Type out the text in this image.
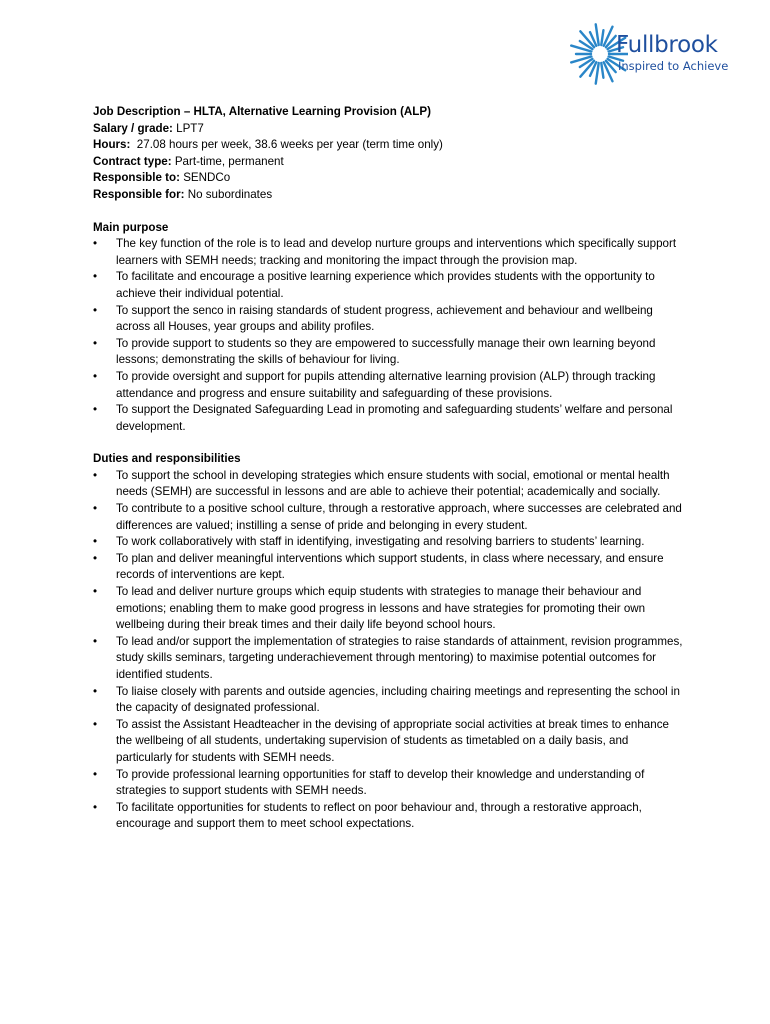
Fullbrook
Inspired to Achieve
Job Description – HLTA, Alternative Learning Provision (ALP)
Salary / grade: LPT7
Hours:  27.08 hours per week, 38.6 weeks per year (term time only)
Contract type: Part-time, permanent
Responsible to: SENDCo
Responsible for: No subordinates
Main purpose
• The key function of the role is to lead and develop nurture groups and interventions which specifically support learners with SEMH needs; tracking and monitoring the impact through the provision map.
• To facilitate and encourage a positive learning experience which provides students with the opportunity to achieve their individual potential.
• To support the senco in raising standards of student progress, achievement and behaviour and wellbeing across all Houses, year groups and ability profiles.
• To provide support to students so they are empowered to successfully manage their own learning beyond lessons; demonstrating the skills of behaviour for living.
• To provide oversight and support for pupils attending alternative learning provision (ALP) through tracking attendance and progress and ensure suitability and safeguarding of these provisions.
• To support the Designated Safeguarding Lead in promoting and safeguarding students’ welfare and personal development.
Duties and responsibilities
• To support the school in developing strategies which ensure students with social, emotional or mental health needs (SEMH) are successful in lessons and are able to achieve their potential; academically and socially.
• To contribute to a positive school culture, through a restorative approach, where successes are celebrated and differences are valued; instilling a sense of pride and belonging in every student.
• To work collaboratively with staff in identifying, investigating and resolving barriers to students’ learning.
• To plan and deliver meaningful interventions which support students, in class where necessary, and ensure records of interventions are kept.
• To lead and deliver nurture groups which equip students with strategies to manage their behaviour and emotions; enabling them to make good progress in lessons and have strategies for promoting their own wellbeing during their break times and their daily life beyond school hours.
• To lead and/or support the implementation of strategies to raise standards of attainment, revision programmes, study skills seminars, targeting underachievement through mentoring) to maximise potential outcomes for identified students.
• To liaise closely with parents and outside agencies, including chairing meetings and representing the school in the capacity of designated professional.
• To assist the Assistant Headteacher in the devising of appropriate social activities at break times to enhance the wellbeing of all students, undertaking supervision of students as timetabled on a daily basis, and particularly for students with SEMH needs.
• To provide professional learning opportunities for staff to develop their knowledge and understanding of strategies to support students with SEMH needs.
• To facilitate opportunities for students to reflect on poor behaviour and, through a restorative approach, encourage and support them to meet school expectations.
